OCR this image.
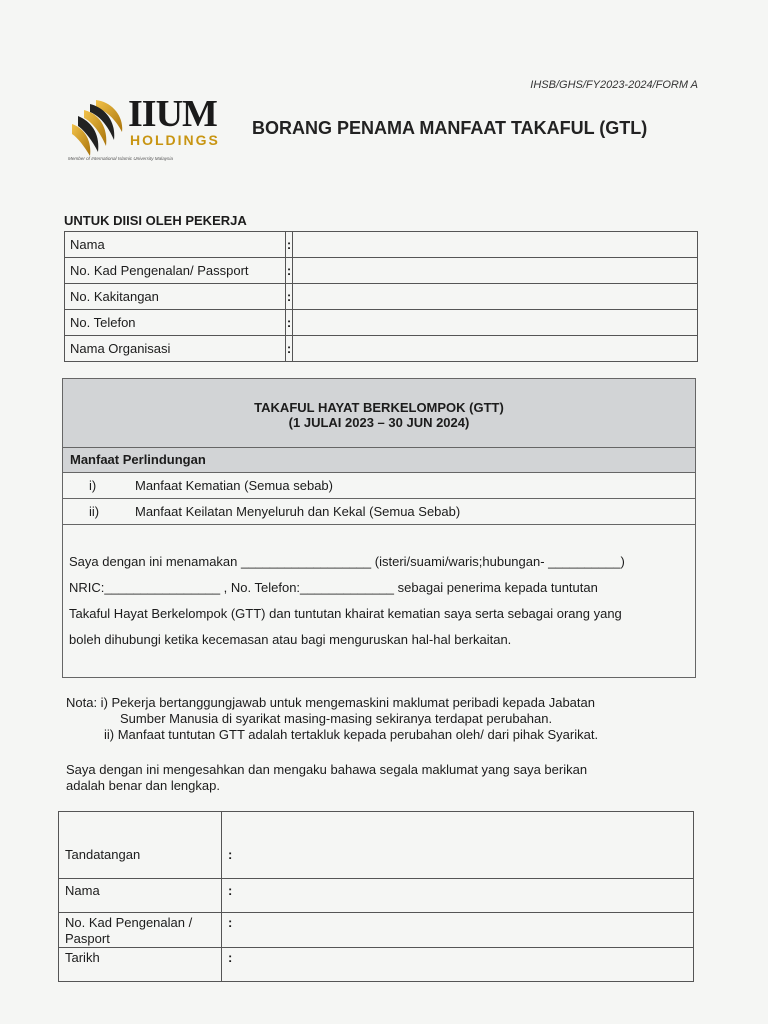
IHSB/GHS/FY2023-2024/FORM A
IIUM
HOLDINGS
Member of International Islamic University Malaysia
BORANG PENAMA MANFAAT TAKAFUL (GTL)
UNTUK DIISI OLEH PEKERJA
Nama	:	
No. Kad Pengenalan/ Passport	:	
No. Kakitangan	:	
No. Telefon	:	
Nama Organisasi	:	
TAKAFUL HAYAT BERKELOMPOK (GTT)
(1 JULAI 2023 – 30 JUN 2024)
Manfaat Perlindungan
i)	Manfaat Kematian (Semua sebab)
ii)	Manfaat Keilatan Menyeluruh dan Kekal (Semua Sebab)
Saya dengan ini menamakan __________________ (isteri/suami/waris;hubungan- __________)
NRIC:________________ , No. Telefon:_____________ sebagai penerima kepada tuntutan
Takaful Hayat Berkelompok (GTT) dan tuntutan khairat kematian saya serta sebagai orang yang
boleh dihubungi ketika kecemasan atau bagi menguruskan hal-hal berkaitan.
Nota: i) Pekerja bertanggungjawab untuk mengemaskini maklumat peribadi kepada Jabatan
Sumber Manusia di syarikat masing-masing sekiranya terdapat perubahan.
ii) Manfaat tuntutan GTT adalah tertakluk kepada perubahan oleh/ dari pihak Syarikat.
Saya dengan ini mengesahkan dan mengaku bahawa segala maklumat yang saya berikan
adalah benar dan lengkap.
Tandatangan	:
Nama	:
No. Kad Pengenalan / Pasport	:
Tarikh	:
